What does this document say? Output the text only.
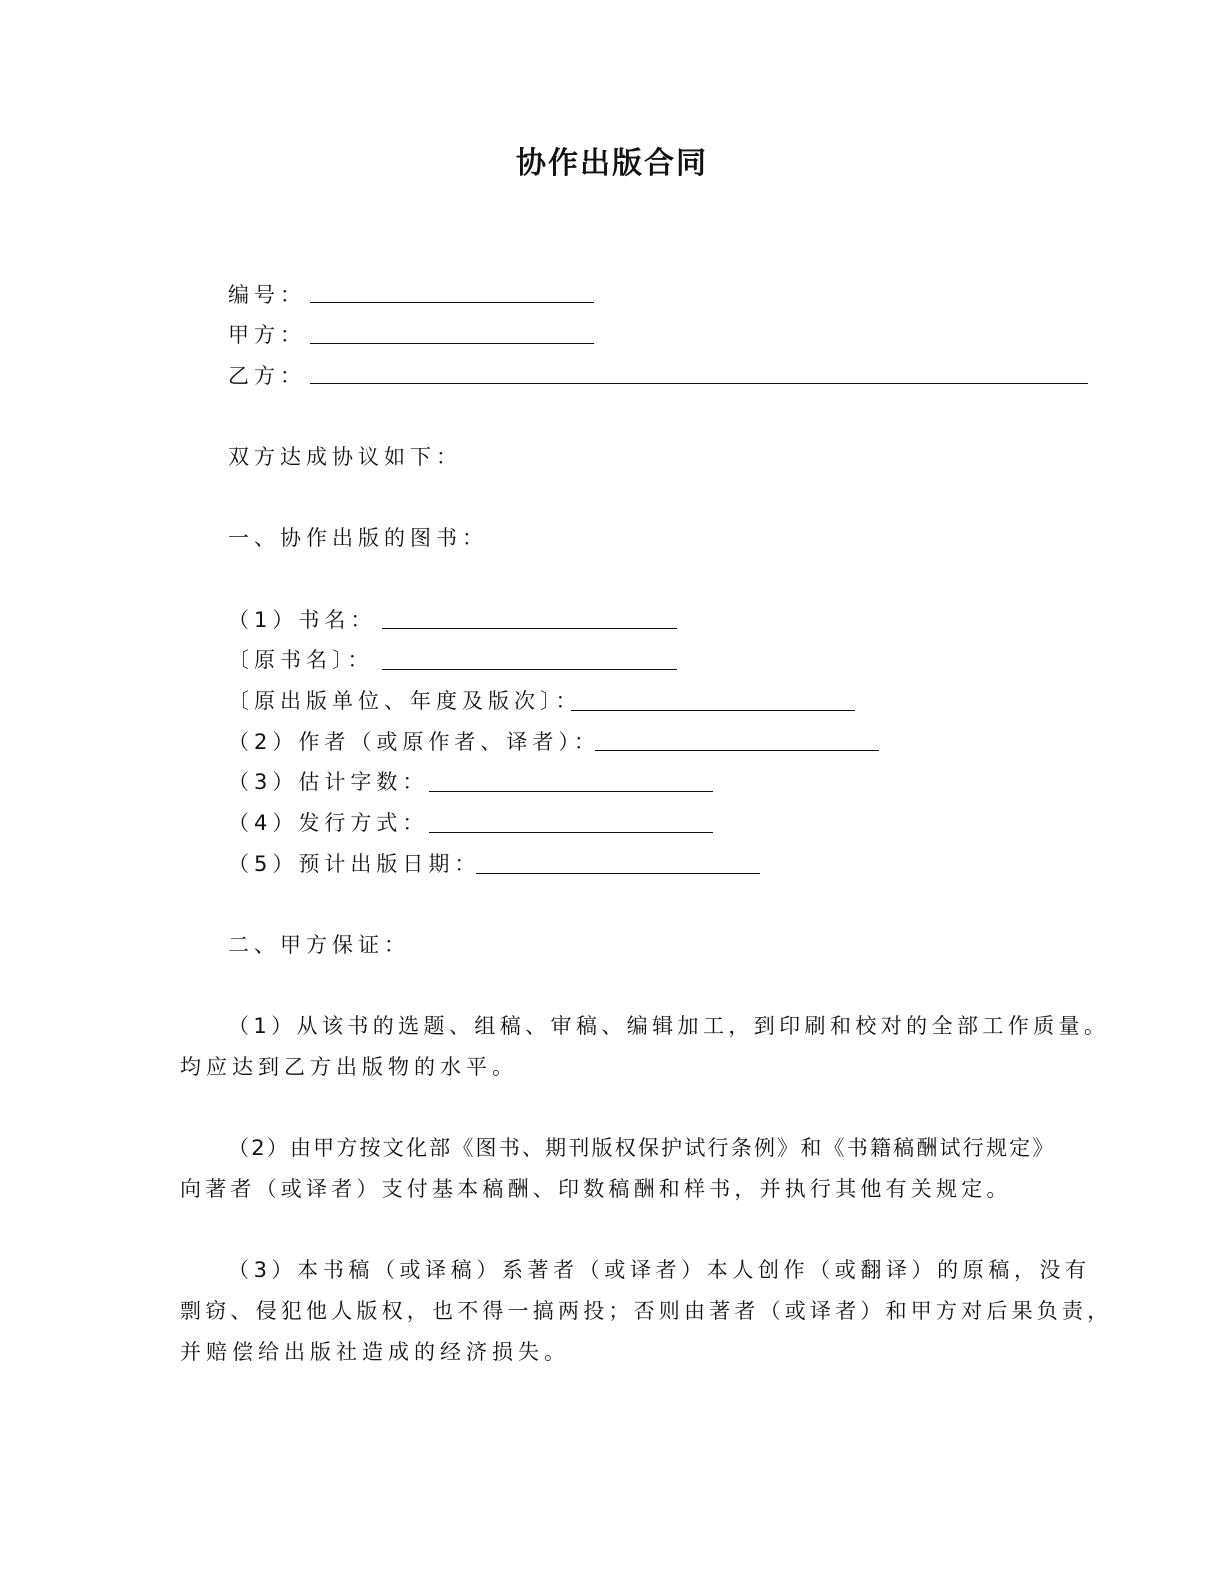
协作出版合同
编号：
甲方：
乙方：
双方达成协议如下：
一、协作出版的图书：
（1）书名：
〔原书名〕：
〔原出版单位、年度及版次〕：
（2）作者（或原作者、译者）：
（3）估计字数：
（4）发行方式：
（5）预计出版日期：
二、甲方保证：
（1）从该书的选题、组稿、审稿、编辑加工，到印刷和校对的全部工作质量。
均应达到乙方出版物的水平。
（2）由甲方按文化部《图书、期刊版权保护试行条例》和《书籍稿酬试行规定》
向著者（或译者）支付基本稿酬、印数稿酬和样书，并执行其他有关规定。
（3）本书稿（或译稿）系著者（或译者）本人创作（或翻译）的原稿，没有
剽窃、侵犯他人版权，也不得一搞两投；否则由著者（或译者）和甲方对后果负责，
并赔偿给出版社造成的经济损失。
